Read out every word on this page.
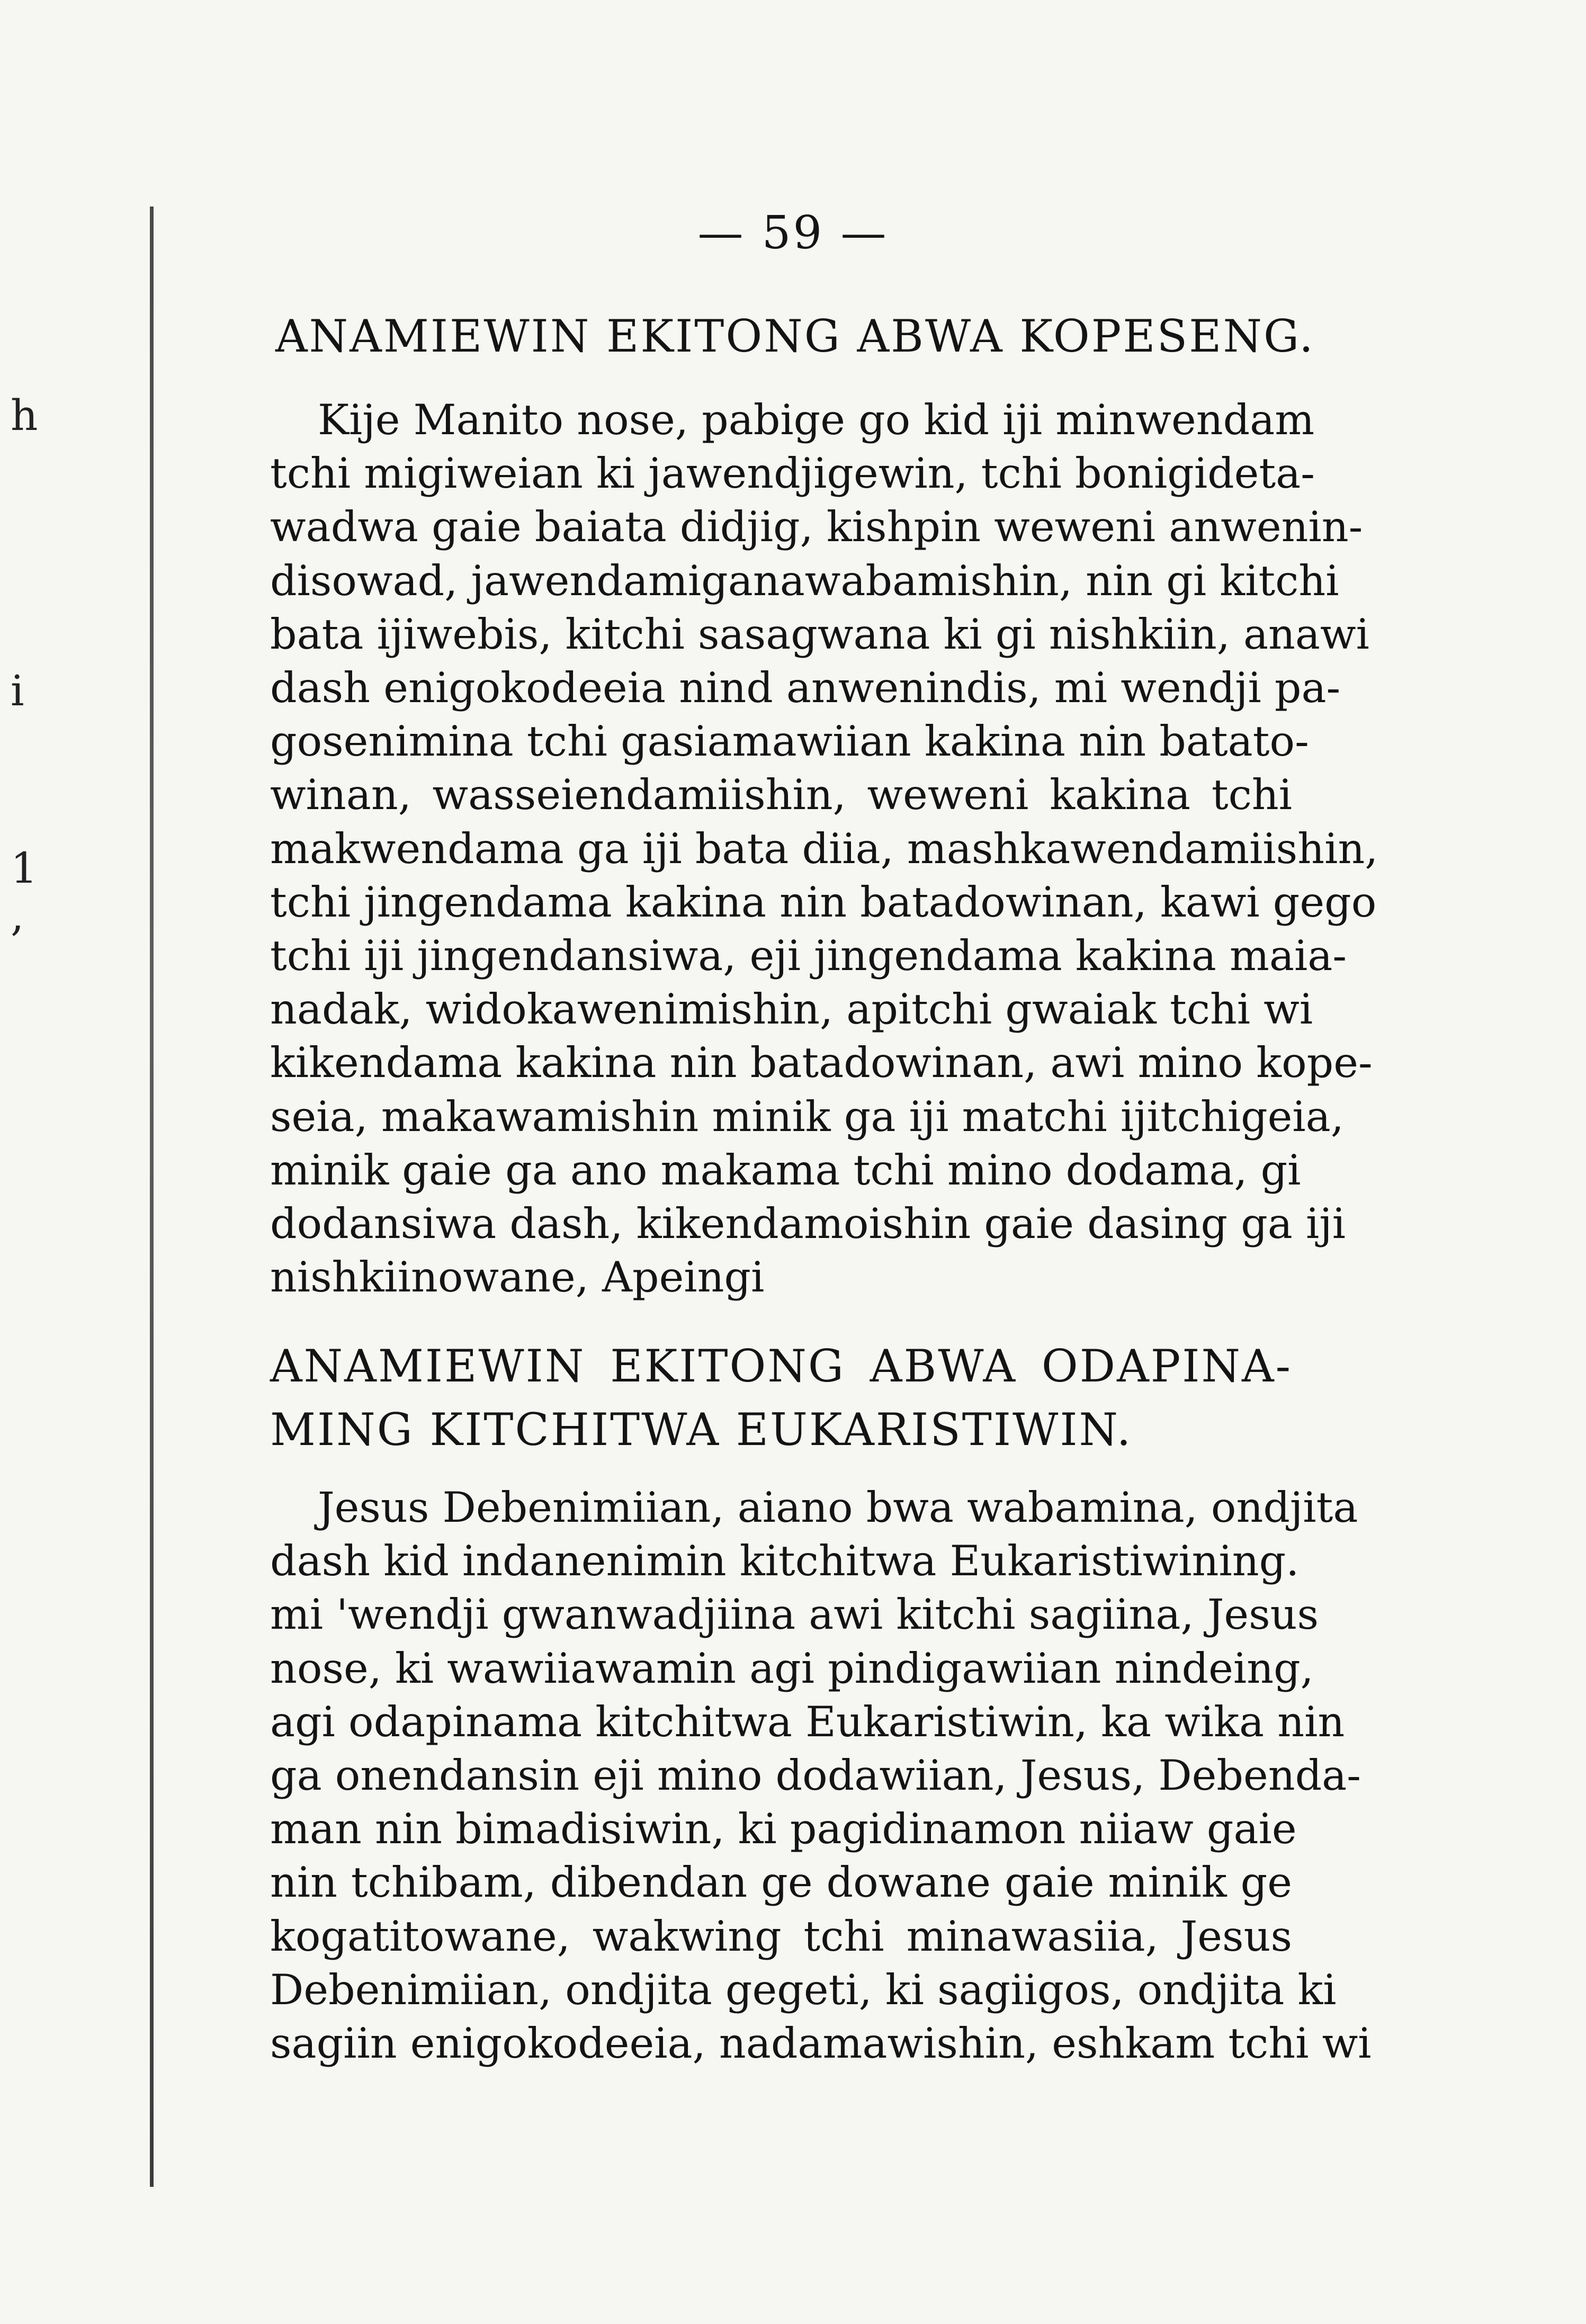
h
i
1
,
— 59 —
ANAMIEWIN EKITONG ABWA KOPESENG.
Kije Manito nose, pabige go kid iji minwendam
tchi migiweian ki jawendjigewin, tchi bonigideta-
wadwa gaie baiata didjig, kishpin weweni anwenin-
disowad, jawendamiganawabamishin, nin gi kitchi
bata ijiwebis, kitchi sasagwana ki gi nishkiin, anawi
dash enigokodeeia nind anwenindis, mi wendji pa-
gosenimina tchi gasiamawiian kakina nin batato-
winan, wasseiendamiishin, weweni kakina tchi
makwendama ga iji bata diia, mashkawendamiishin,
tchi jingendama kakina nin batadowinan, kawi gego
tchi iji jingendansiwa, eji jingendama kakina maia-
nadak, widokawenimishin, apitchi gwaiak tchi wi
kikendama kakina nin batadowinan, awi mino kope-
seia, makawamishin minik ga iji matchi ijitchigeia,
minik gaie ga ano makama tchi mino dodama, gi
dodansiwa dash, kikendamoishin gaie dasing ga iji
nishkiinowane, Apeingi
ANAMIEWIN EKITONG ABWA ODAPINA-
MING KITCHITWA EUKARISTIWIN.
Jesus Debenimiian, aiano bwa wabamina, ondjita
dash kid indanenimin kitchitwa Eukaristiwining.
mi 'wendji gwanwadjiina awi kitchi sagiina, Jesus
nose, ki wawiiawamin agi pindigawiian nindeing,
agi odapinama kitchitwa Eukaristiwin, ka wika nin
ga onendansin eji mino dodawiian, Jesus, Debenda-
man nin bimadisiwin, ki pagidinamon niiaw gaie
nin tchibam, dibendan ge dowane gaie minik ge
kogatitowane, wakwing tchi minawasiia, Jesus
Debenimiian, ondjita gegeti, ki sagiigos, ondjita ki
sagiin enigokodeeia, nadamawishin, eshkam tchi wi
